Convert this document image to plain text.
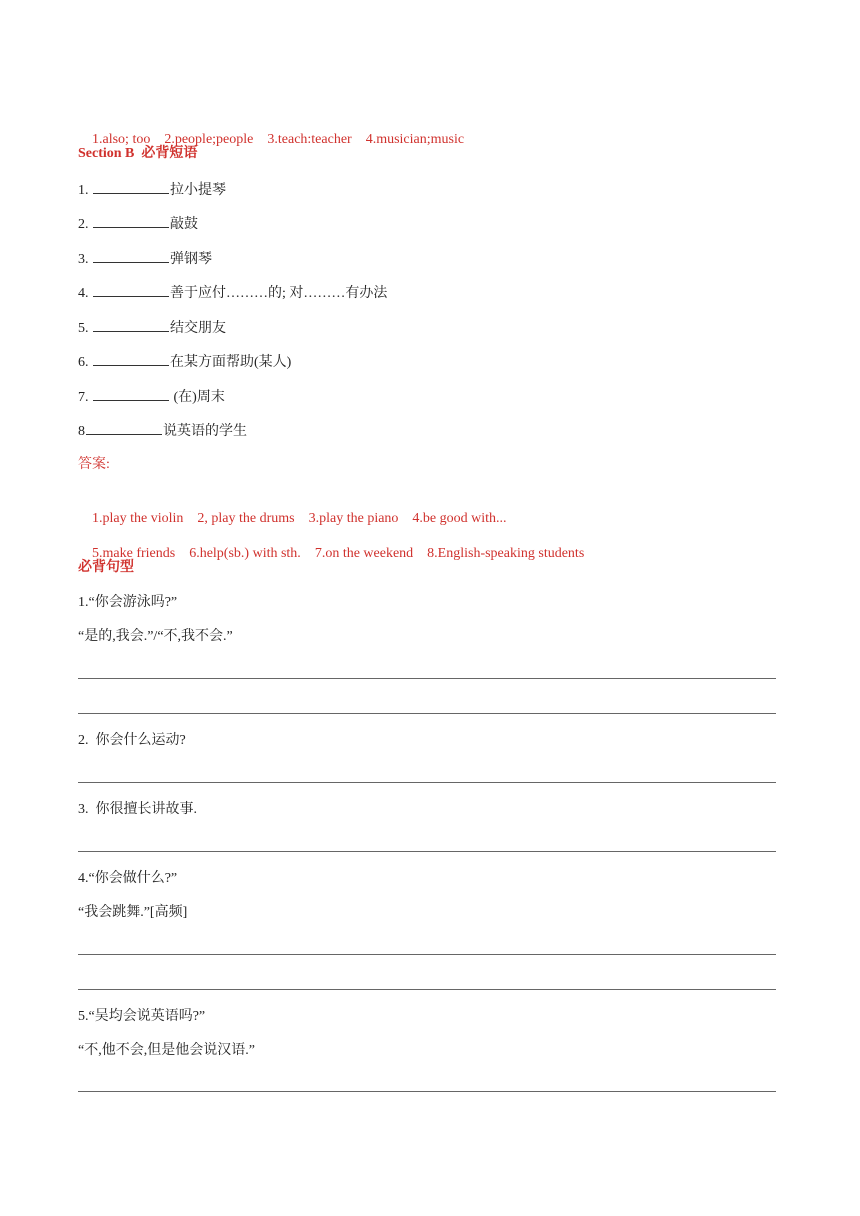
1.also; too 2.people;people 3.teach:teacher 4.musician;music

Section B 必背短语
1.	拉小提琴
2.	敲鼓
3.	弹钢琴
4.	善于应付………的; 对………有办法
5.	结交朋友
6.	在某方面帮助(某人)
7.	(在)周末
8	说英语的学生
答案:

1.play the violin 2, play the drums 3.play the piano 4.be good with...

5.make friends 6.help(sb.) with sth. 7.on the weekend 8.English-speaking students

必背句型
1.“你会游泳吗?”
“是的,我会.”/“不,我不会.”
2.  你会什么运动?
3.  你很擅长讲故事.
4.“你会做什么?”
“我会跳舞.”[高频]
5.“吴均会说英语吗?”
“不,他不会,但是他会说汉语.”
